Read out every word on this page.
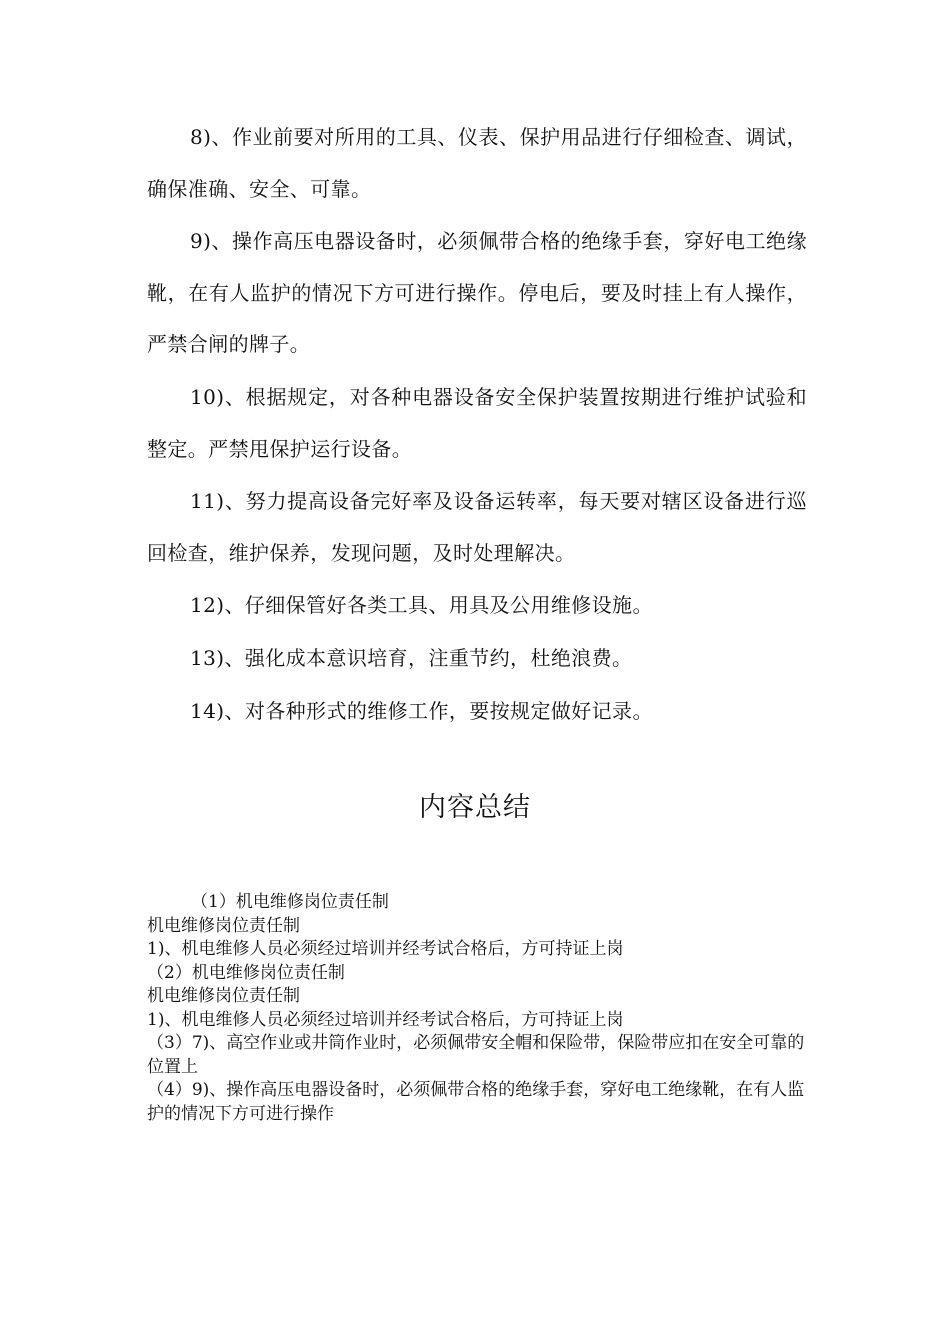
8)、作业前要对所用的工具、仪表、保护用品进行仔细检查、调试，确保准确、安全、可靠。

9)、操作高压电器设备时，必须佩带合格的绝缘手套，穿好电工绝缘靴，在有人监护的情况下方可进行操作。停电后，要及时挂上有人操作，严禁合闸的牌子。

10)、根据规定，对各种电器设备安全保护装置按期进行维护试验和整定。严禁甩保护运行设备。

11)、努力提高设备完好率及设备运转率，每天要对辖区设备进行巡回检查，维护保养，发现问题，及时处理解决。

12)、仔细保管好各类工具、用具及公用维修设施。

13)、强化成本意识培育，注重节约，杜绝浪费。

14)、对各种形式的维修工作，要按规定做好记录。

内容总结

（1）机电维修岗位责任制

机电维修岗位责任制

1)、机电维修人员必须经过培训并经考试合格后，方可持证上岗

（2）机电维修岗位责任制

机电维修岗位责任制

1)、机电维修人员必须经过培训并经考试合格后，方可持证上岗

（3）7)、高空作业或井筒作业时，必须佩带安全帽和保险带，保险带应扣在安全可靠的位置上

（4）9)、操作高压电器设备时，必须佩带合格的绝缘手套，穿好电工绝缘靴，在有人监护的情况下方可进行操作
